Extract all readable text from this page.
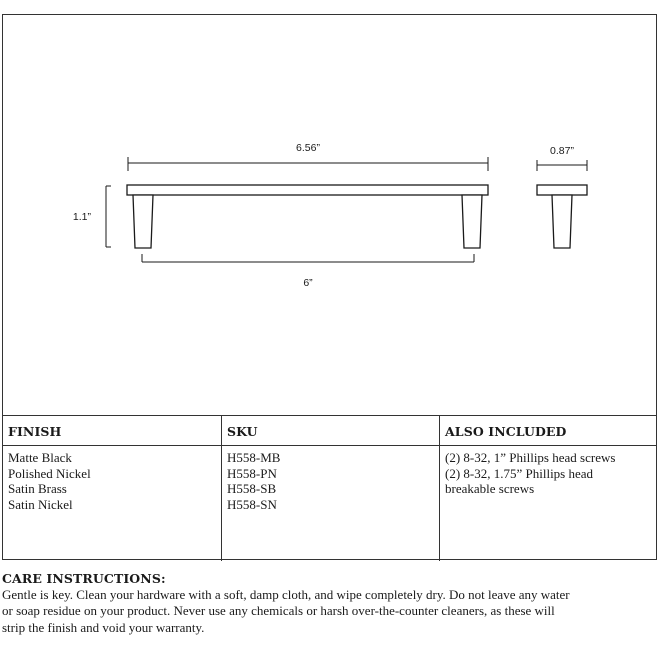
6.56”
1.1”
6”
0.87”
FINISH
Matte Black
Polished Nickel
Satin Brass
Satin Nickel
SKU
H558-MB
H558-PN
H558-SB
H558-SN
ALSO INCLUDED
(2) 8-32, 1” Phillips head screws
(2) 8-32, 1.75” Phillips head
breakable screws
CARE INSTRUCTIONS:
Gentle is key. Clean your hardware with a soft, damp cloth, and wipe completely dry. Do not leave any water
or soap residue on your product. Never use any chemicals or harsh over-the-counter cleaners, as these will
strip the finish and void your warranty.
